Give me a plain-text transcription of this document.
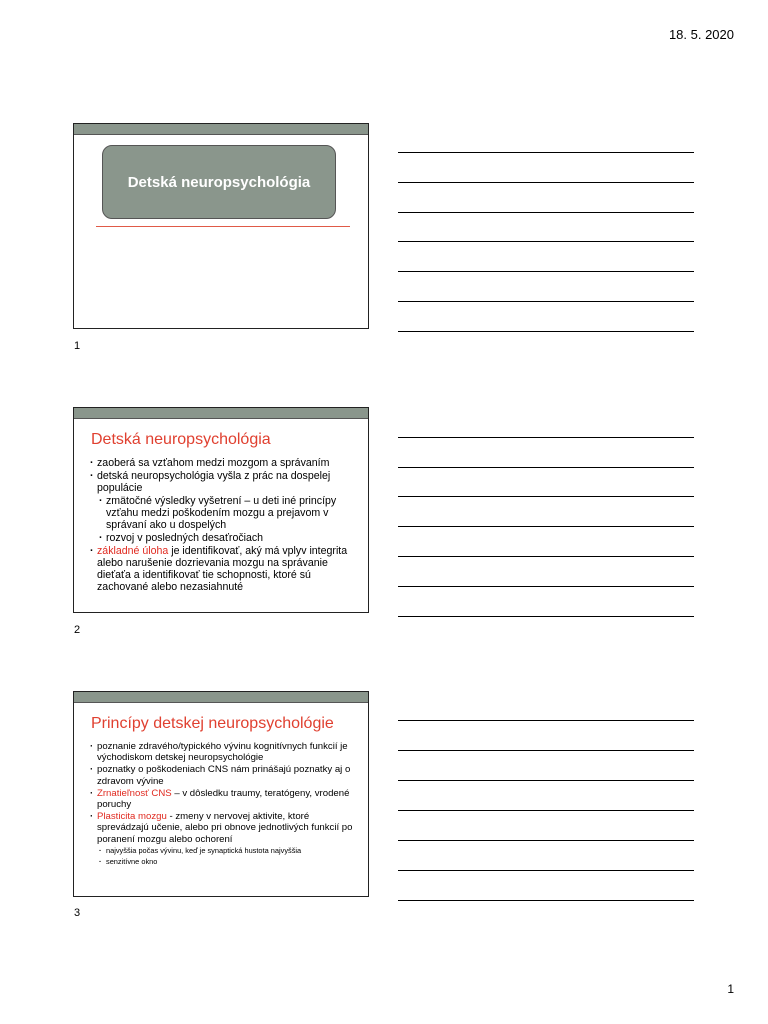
18. 5. 2020
Detská neuropsychológia
1
Detská neuropsychológia
· zaoberá sa vzťahom medzi mozgom a správaním
· detská neuropsychológia vyšla z prác na dospelej populácie
· zmätočné výsledky vyšetrení – u deti iné princípy vzťahu medzi poškodením mozgu a prejavom v správaní ako u dospelých
· rozvoj v posledných desaťročiach
· základné úloha je identifikovať, aký má vplyv integrita alebo narušenie dozrievania mozgu na správanie dieťaťa a identifikovať tie schopnosti, ktoré sú zachované alebo nezasiahnuté
2
Princípy detskej neuropsychológie
· poznanie zdravého/typického vývinu kognitívnych funkcií je východiskom detskej neuropsychológie
· poznatky o poškodeniach CNS nám prinášajú poznatky aj o zdravom vývine
· Zrnatieľnosť CNS – v dôsledku traumy, teratógeny, vrodené poruchy
· Plasticita mozgu - zmeny v nervovej aktivite, ktoré sprevádzajú učenie, alebo pri obnove jednotlivých funkcií po poranení mozgu alebo ochorení
· najvyššia počas vývinu, keď je synaptická hustota najvyššia
· senzitívne okno
3
1
